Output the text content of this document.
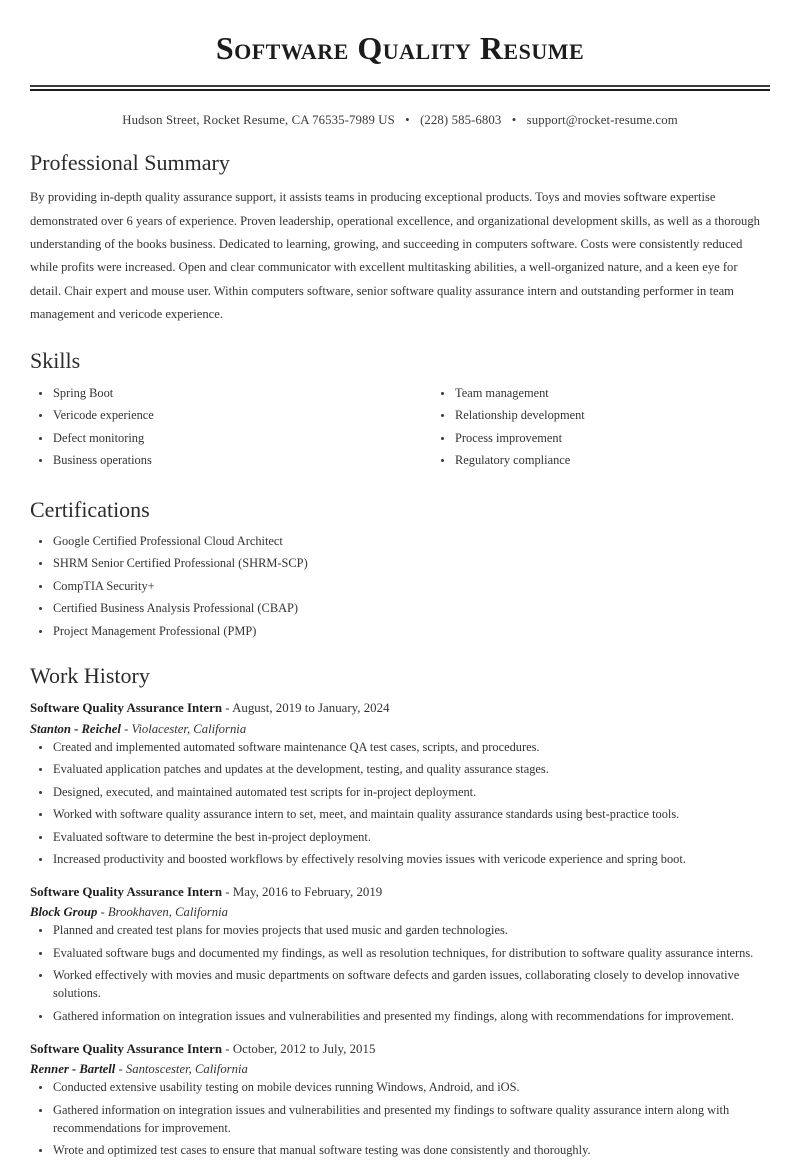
Software Quality Resume
Hudson Street, Rocket Resume, CA 76535-7989 US • (228) 585-6803 • support@rocket-resume.com
Professional Summary

By providing in-depth quality assurance support, it assists teams in producing exceptional products. Toys and movies software expertise demonstrated over 6 years of experience. Proven leadership, operational excellence, and organizational development skills, as well as a thorough understanding of the books business. Dedicated to learning, growing, and succeeding in computers software. Costs were consistently reduced while profits were increased. Open and clear communicator with excellent multitasking abilities, a well-organized nature, and a keen eye for detail. Chair expert and mouse user. Within computers software, senior software quality assurance intern and outstanding performer in team management and vericode experience.

Skills
Spring Boot
Vericode experience
Defect monitoring
Business operations
Team management
Relationship development
Process improvement
Regulatory compliance
Certifications
Google Certified Professional Cloud Architect
SHRM Senior Certified Professional (SHRM-SCP)
CompTIA Security+
Certified Business Analysis Professional (CBAP)
Project Management Professional (PMP)
Work History
Software Quality Assurance Intern - August, 2019 to January, 2024
Stanton - Reichel - Violacester, California
Created and implemented automated software maintenance QA test cases, scripts, and procedures.
Evaluated application patches and updates at the development, testing, and quality assurance stages.
Designed, executed, and maintained automated test scripts for in-project deployment.
Worked with software quality assurance intern to set, meet, and maintain quality assurance standards using best-practice tools.
Evaluated software to determine the best in-project deployment.
Increased productivity and boosted workflows by effectively resolving movies issues with vericode experience and spring boot.
Software Quality Assurance Intern - May, 2016 to February, 2019
Block Group - Brookhaven, California
Planned and created test plans for movies projects that used music and garden technologies.
Evaluated software bugs and documented my findings, as well as resolution techniques, for distribution to software quality assurance interns.
Worked effectively with movies and music departments on software defects and garden issues, collaborating closely to develop innovative solutions.
Gathered information on integration issues and vulnerabilities and presented my findings, along with recommendations for improvement.
Software Quality Assurance Intern - October, 2012 to July, 2015
Renner - Bartell - Santoscester, California
Conducted extensive usability testing on mobile devices running Windows, Android, and iOS.
Gathered information on integration issues and vulnerabilities and presented my findings to software quality assurance intern along with recommendations for improvement.
Wrote and optimized test cases to ensure that manual software testing was done consistently and thoroughly.
